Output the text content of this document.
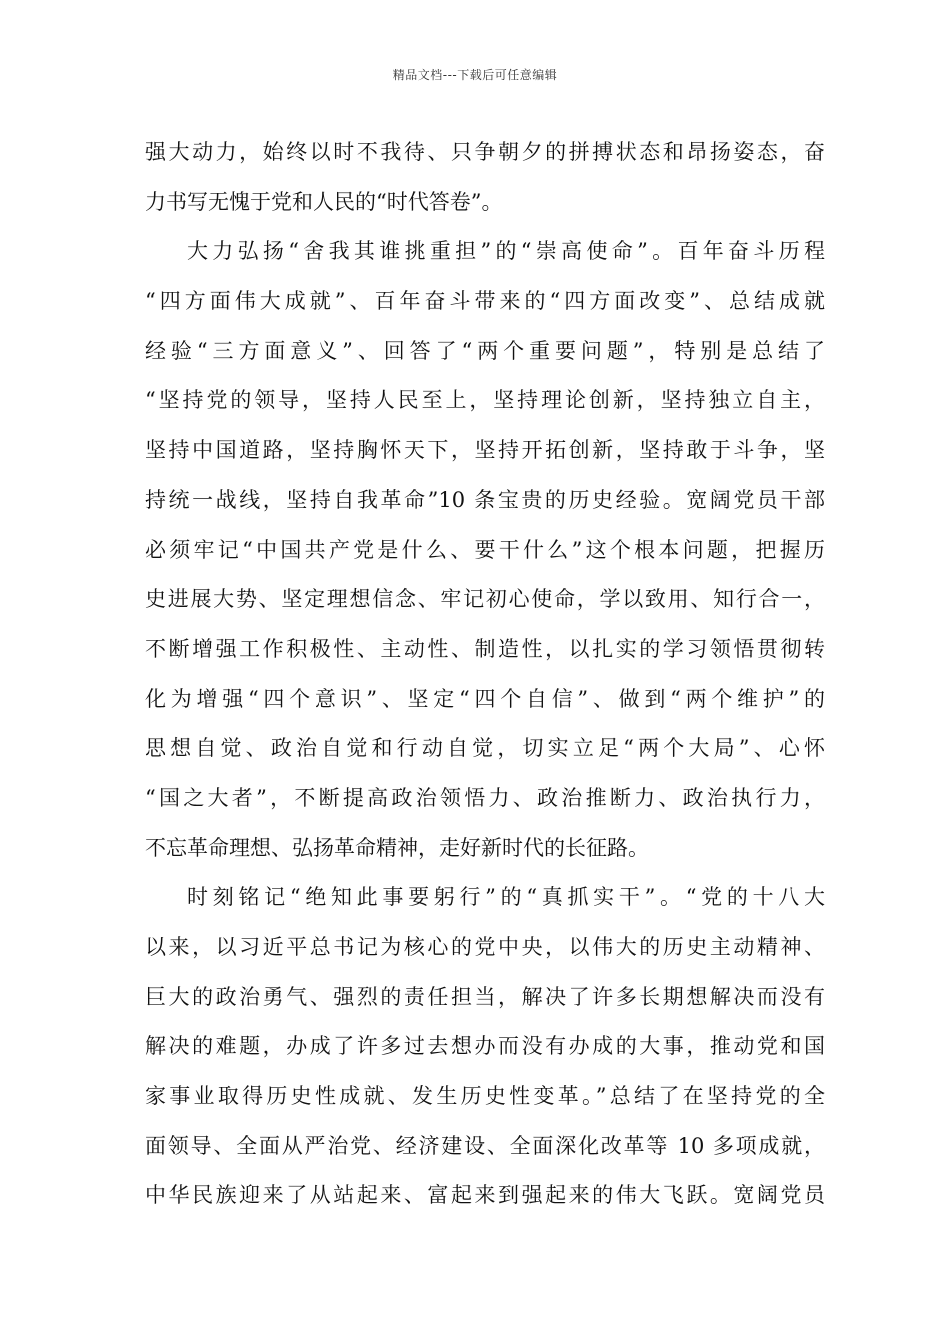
精品文档---下载后可任意编辑
强大动力，始终以时不我待、只争朝夕的拼搏状态和昂扬姿态，奋
力书写无愧于党和人民的“时代答卷”。
大力弘扬“舍我其谁挑重担”的“崇高使命”。百年奋斗历程
“四方面伟大成就”、百年奋斗带来的“四方面改变”、总结成就
经验“三方面意义”、回答了“两个重要问题”，特别是总结了
“坚持党的领导，坚持人民至上，坚持理论创新，坚持独立自主，
坚持中国道路，坚持胸怀天下，坚持开拓创新，坚持敢于斗争，坚
持统一战线，坚持自我革命”10 条宝贵的历史经验。宽阔党员干部
必须牢记“中国共产党是什么、要干什么”这个根本问题，把握历
史进展大势、坚定理想信念、牢记初心使命，学以致用、知行合一，
不断增强工作积极性、主动性、制造性，以扎实的学习领悟贯彻转
化为增强“四个意识”、坚定“四个自信”、做到“两个维护”的
思想自觉、政治自觉和行动自觉，切实立足“两个大局”、心怀
“国之大者”，不断提高政治领悟力、政治推断力、政治执行力，
不忘革命理想、弘扬革命精神，走好新时代的长征路。
时刻铭记“绝知此事要躬行”的“真抓实干”。“党的十八大
以来，以习近平总书记为核心的党中央，以伟大的历史主动精神、
巨大的政治勇气、强烈的责任担当，解决了许多长期想解决而没有
解决的难题，办成了许多过去想办而没有办成的大事，推动党和国
家事业取得历史性成就、发生历史性变革。”总结了在坚持党的全
面领导、全面从严治党、经济建设、全面深化改革等 10 多项成就，
中华民族迎来了从站起来、富起来到强起来的伟大飞跃。宽阔党员
